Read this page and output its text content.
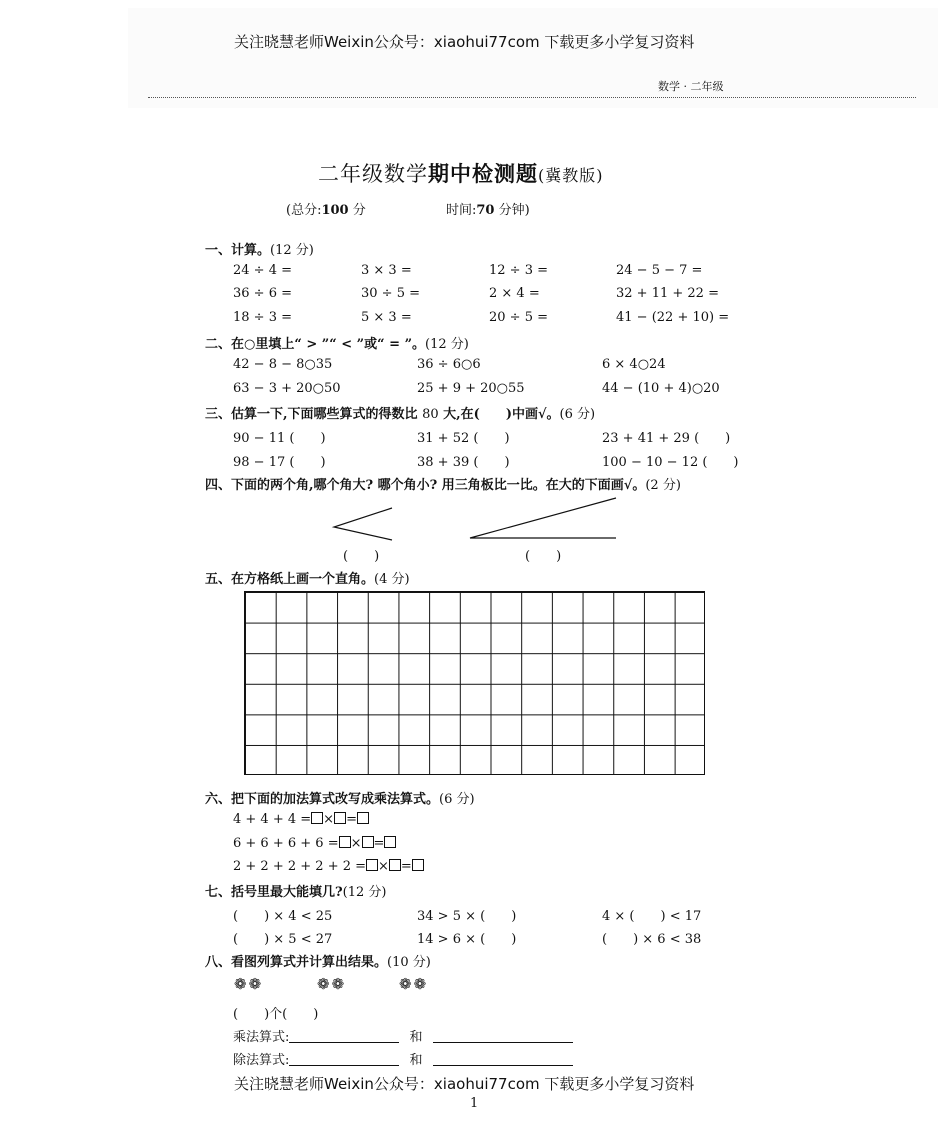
关注晓慧老师Weixin公众号：xiaohui77com 下载更多小学复习资料
数学 · 二年级
二年级数学期中检测题(冀教版)
(总分:100 分	时间:70 分钟)
一、计算。(12 分)
24 ÷ 4 =	3 × 3 =	12 ÷ 3 =	24 − 5 − 7 =
36 ÷ 6 =	30 ÷ 5 =	2 × 4 =	32 + 11 + 22 =
18 ÷ 3 =	5 × 3 =	20 ÷ 5 =	41 − (22 + 10) =
二、在○里填上“ > ”“ < ”或“ = ”。(12 分)
42 − 8 − 8○35	36 ÷ 6○6	6 × 4○24
63 − 3 + 20○50	25 + 9 + 20○55	44 − (10 + 4)○20
三、估算一下,下面哪些算式的得数比 80 大,在(　　)中画√。(6 分)
90 − 11 (　　)	31 + 52 (　　)	23 + 41 + 29 (　　)
98 − 17 (　　)	38 + 39 (　　)	100 − 10 − 12 (　　)
四、下面的两个角,哪个角大? 哪个角小? 用三角板比一比。在大的下面画√。(2 分)
(　　)	(　　)
五、在方格纸上画一个直角。(4 分)
六、把下面的加法算式改写成乘法算式。(6 分)
4 + 4 + 4 = × =
6 + 6 + 6 + 6 = × =
2 + 2 + 2 + 2 + 2 = × =
七、括号里最大能填几?(12 分)
(　　) × 4 < 25	34 > 5 × (　　)	4 × (　　) < 17
(　　) × 5 < 27	14 > 6 × (　　)	(　　) × 6 < 38
八、看图列算式并计算出结果。(10 分)
❁❁	❁❁	❁❁
(　　)个(　　)
乘法算式:	和
除法算式:	和
关注晓慧老师Weixin公众号：xiaohui77com 下载更多小学复习资料
1
